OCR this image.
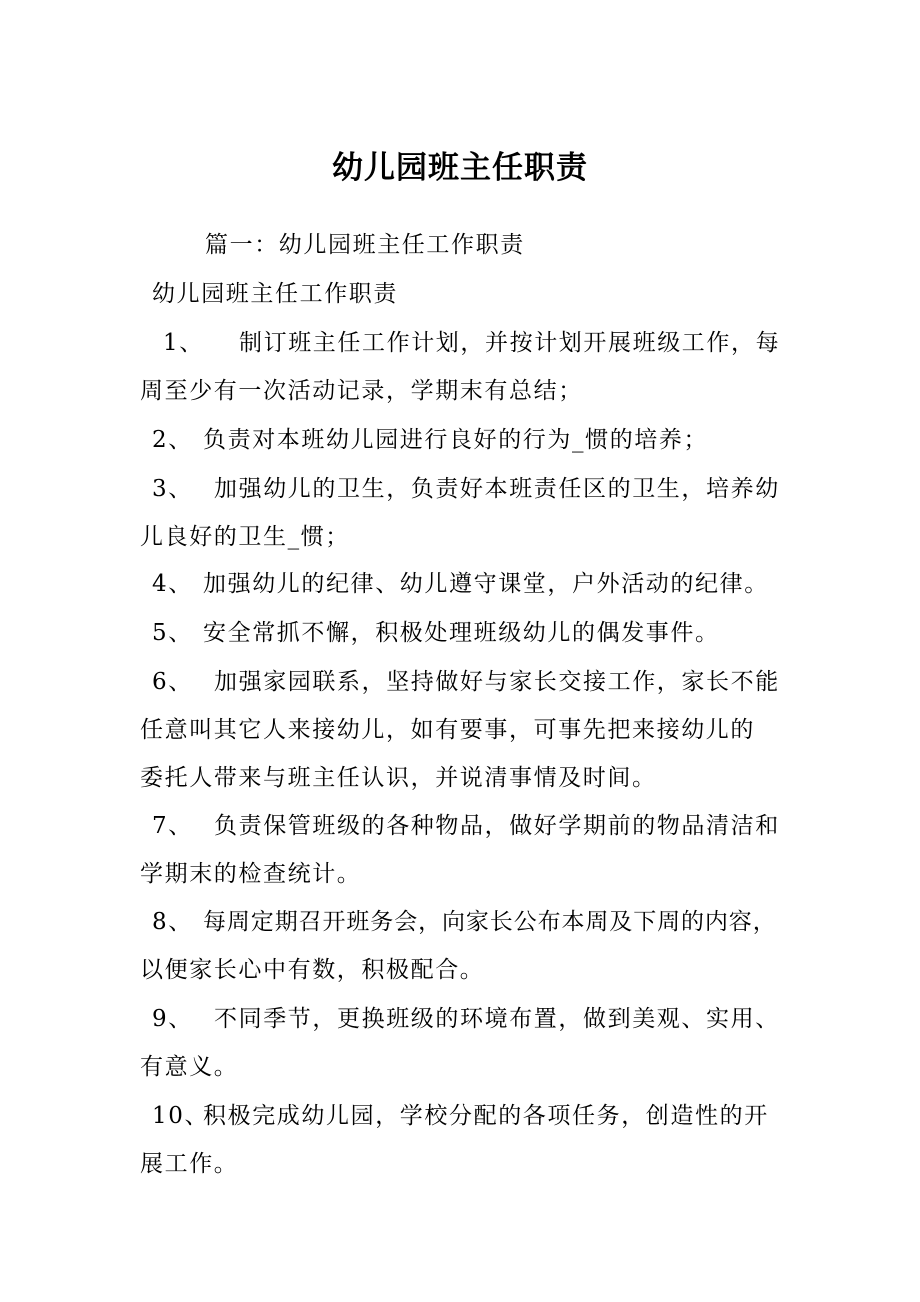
幼儿园班主任职责
篇一：幼儿园班主任工作职责
幼儿园班主任工作职责
1、 制订班主任工作计划，并按计划开展班级工作，每
周至少有一次活动记录，学期末有总结；
2、 负责对本班幼儿园进行良好的行为_惯的培养；
3、 加强幼儿的卫生，负责好本班责任区的卫生，培养幼
儿良好的卫生_惯；
4、 加强幼儿的纪律、幼儿遵守课堂，户外活动的纪律。
5、 安全常抓不懈，积极处理班级幼儿的偶发事件。
6、 加强家园联系，坚持做好与家长交接工作，家长不能
任意叫其它人来接幼儿，如有要事，可事先把来接幼儿的
委托人带来与班主任认识，并说清事情及时间。
7、 负责保管班级的各种物品，做好学期前的物品清洁和
学期末的检查统计。
8、 每周定期召开班务会，向家长公布本周及下周的内容，
以便家长心中有数，积极配合。
9、 不同季节，更换班级的环境布置，做到美观、实用、
有意义。
10、
积极完成幼儿园，学校分配的各项任务，创造性的开
展工作。
